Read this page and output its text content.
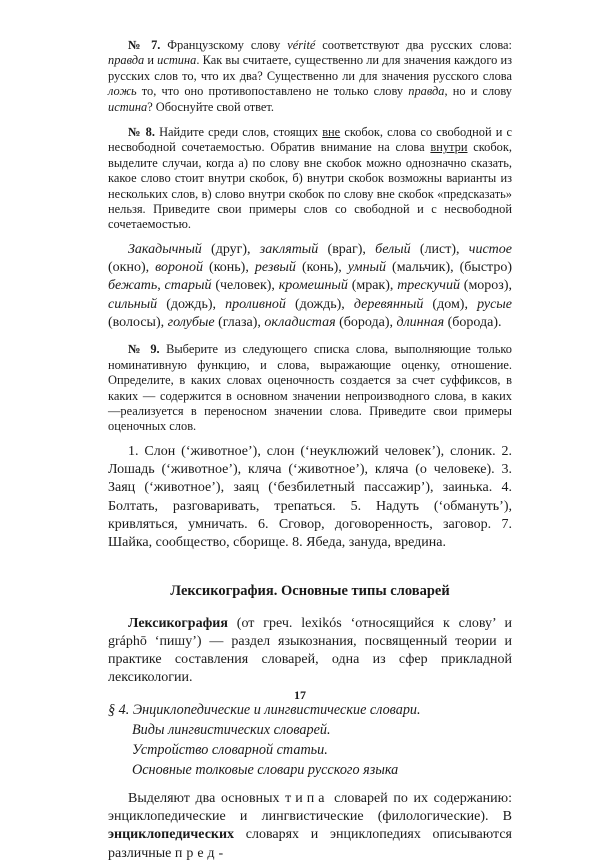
№ 7. Французскому слову vérité соответствуют два русских слова: правда и истина. Как вы считаете, существенно ли для значения каждого из русских слов то, что их два? Существенно ли для значения русского слова ложь то, что оно противопоставлено не только слову правда, но и слову истина? Обоснуйте свой ответ.

№ 8. Найдите среди слов, стоящих вне скобок, слова со свободной и с несвободной сочетаемостью. Обратив внимание на слова внутри скобок, выделите случаи, когда а) по слову вне скобок можно однозначно сказать, какое слово стоит внутри скобок, б) внутри скобок возможны варианты из нескольких слов, в) слово внутри скобок по слову вне скобок «предсказать» нельзя. Приведите свои примеры слов со свободной и с несвободной сочетаемостью.

Закадычный (друг), заклятый (враг), белый (лист), чистое (окно), вороной (конь), резвый (конь), умный (мальчик), (быстро) бежать, старый (человек), кромешный (мрак), трескучий (мороз), сильный (дождь), проливной (дождь), деревянный (дом), русые (волосы), голубые (глаза), окладистая (борода), длинная (борода).

№ 9. Выберите из следующего списка слова, выполняющие только номинативную функцию, и слова, выражающие оценку, отношение. Определите, в каких словах оценочность создается за счет суффиксов, в каких — содержится в основном значении непроизводного слова, в каких —реализуется в переносном значении слова. Приведите свои примеры оценочных слов.

1. Слон (‘животное’), слон (‘неуклюжий человек’), слоник. 2. Лошадь (‘животное’), кляча (‘животное’), кляча (о человеке). 3. Заяц (‘животное’), заяц (‘безбилетный пассажир’), заинька. 4. Болтать, разговаривать, трепаться. 5. Надуть (‘обмануть’), кривляться, умничать. 6. Сговор, договоренность, заговор. 7. Шайка, сообщество, сборище. 8. Ябеда, зануда, вредина.

Лексикография. Основные типы словарей

Лексикография (от греч. lexikós ‘относящийся к слову’ и gráphō ‘пишу’) — раздел языкознания, посвященный теории и практике составления словарей, одна из сфер прикладной лексикологии.

§ 4. Энциклопедические и лингвистические словари.
Виды лингвистических словарей.
Устройство словарной статьи.
Основные толковые словари русского языка

Выделяют два основных типа словарей по их содержанию: энциклопедические и лингвистические (филологические). В энциклопедических словарях и энциклопедиях описываются различные пред-

17
